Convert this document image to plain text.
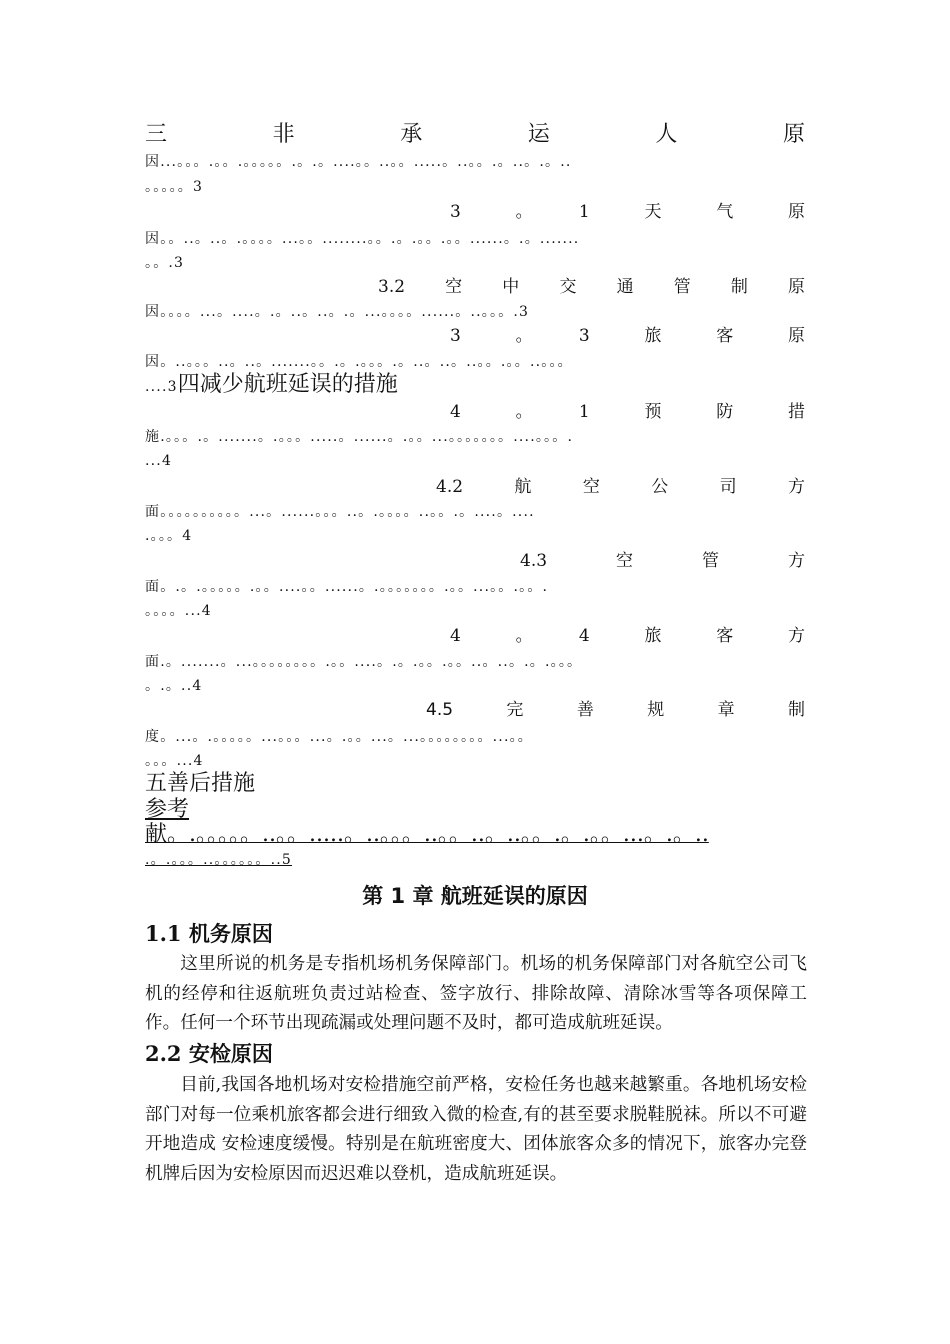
三　非　承　运　人　原

因...。。。.。。.。。。。。.。.。....。。..。。.....。..。。.。..。.。..

。。。。。3

3　。　1　天　气　原

因。。..。..。.。。。。...。。........。。.。.。。.。。......。.。.......

。。.3

3.2　空　中　交　通　管　制　原

因。。。。...。....。.。..。..。.。...。。。。......。..。。。.3

3　。　3　旅　客　原

因。..。。。..。..。.......。。.。.。。。.。..。..。..。。.。。..。。。

....3四减少航班延误的措施

4　。　1　预　防　措

施.。。。.。.......。.。。。.....。......。.。。...。。。。。。。....。。。.

...4

4.2　航　空　公　司　方

面。。。。。。。。。。...。......。。。..。.。。。。..。。.。....。....

.。。。4

4.3　空　管　方

面。.。.。。。。。.。。....。。......。.。。。。。。。.。。...。。.。。.

。。。。...4

4　。　4　旅　客　方

面.。.......。...。。。。。。。。.。。....。.。.。。.。。..。..。.。.。。。

。.。..4

4.5　完　善　规　章　制

度。...。.。。。。。...。。。...。.。。...。...。。。。。。。。...。。

。。。...4

五善后措施

参考

献。.。。。。。..。。.....。..。。。..。。..。..。。.。.。。...。.。..

.。.。。。..。。。。。。..5

第 1 章 航班延误的原因
1.1 机务原因

这里所说的机务是专指机场机务保障部门。机场的机务保障部门对各航空公司飞机的经停和往返航班负责过站检查、签字放行、排除故障、清除冰雪等各项保障工作。任何一个环节出现疏漏或处理问题不及时，都可造成航班延误。

2.2 安检原因

目前,我国各地机场对安检措施空前严格，安检任务也越来越繁重。各地机场安检部门对每一位乘机旅客都会进行细致入微的检查,有的甚至要求脱鞋脱袜。所以不可避开地造成 安检速度缓慢。特别是在航班密度大、团体旅客众多的情况下，旅客办完登机牌后因为安检原因而迟迟难以登机，造成航班延误。
